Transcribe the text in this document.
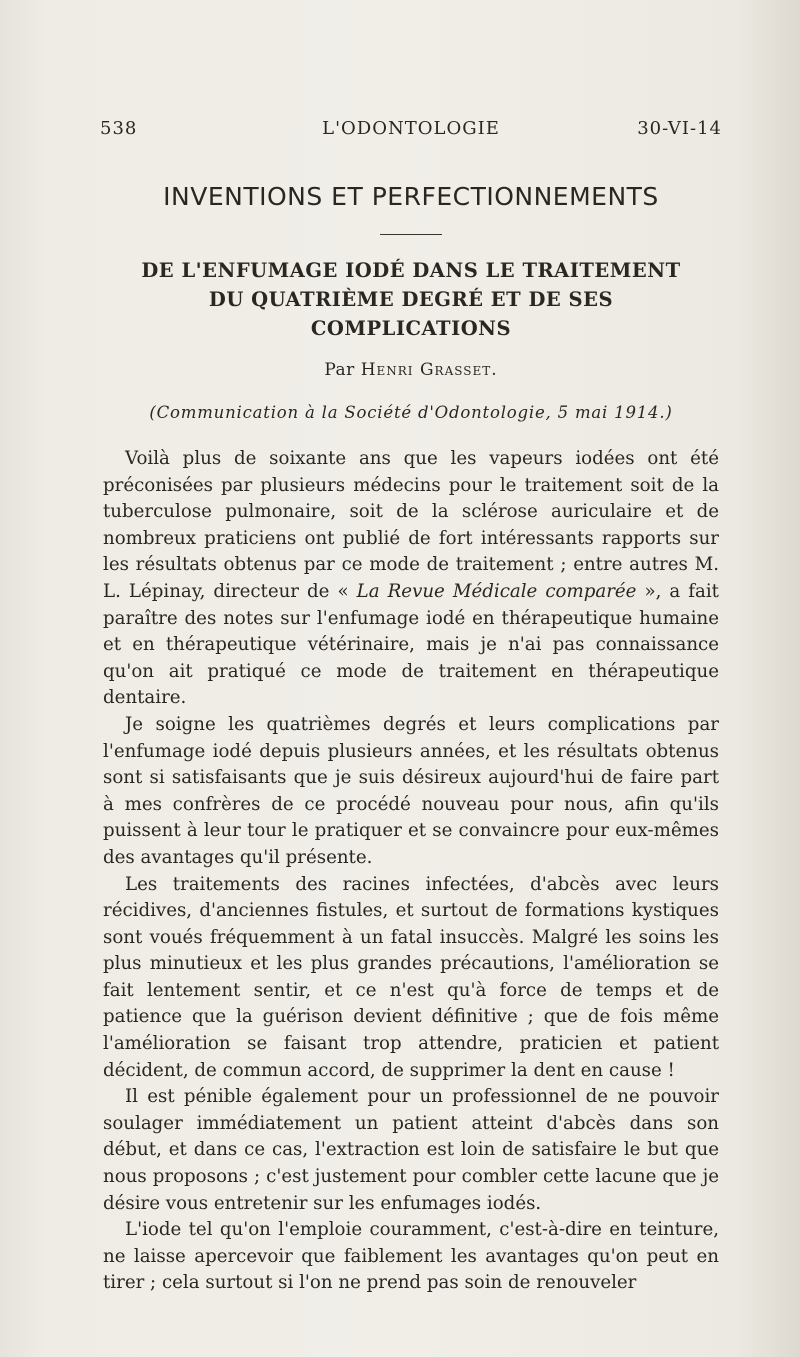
538	L'ODONTOLOGIE	30-VI-14
INVENTIONS ET PERFECTIONNEMENTS
DE L'ENFUMAGE IODÉ DANS LE TRAITEMENT
DU QUATRIÈME DEGRÉ ET DE SES
COMPLICATIONS
Par Henri Grasset.
(Communication à la Société d'Odontologie, 5 mai 1914.)

Voilà plus de soixante ans que les vapeurs iodées ont été préconisées par plusieurs médecins pour le traitement soit de la tuberculose pulmonaire, soit de la sclérose auriculaire et de nombreux praticiens ont publié de fort intéressants rapports sur les résultats obtenus par ce mode de traitement ; entre autres M. L. Lépinay, directeur de « La Revue Médicale comparée », a fait paraître des notes sur l'enfumage iodé en thérapeutique humaine et en thérapeutique vétérinaire, mais je n'ai pas connaissance qu'on ait pratiqué ce mode de traitement en thérapeutique dentaire.

Je soigne les quatrièmes degrés et leurs complications par l'enfumage iodé depuis plusieurs années, et les résultats obtenus sont si satisfaisants que je suis désireux aujourd'hui de faire part à mes confrères de ce procédé nouveau pour nous, afin qu'ils puissent à leur tour le pratiquer et se convaincre pour eux-mêmes des avantages qu'il présente.

Les traitements des racines infectées, d'abcès avec leurs récidives, d'anciennes fistules, et surtout de formations kystiques sont voués fréquemment à un fatal insuccès. Malgré les soins les plus minutieux et les plus grandes précautions, l'amélioration se fait lentement sentir, et ce n'est qu'à force de temps et de patience que la guérison devient définitive ; que de fois même l'amélioration se faisant trop attendre, praticien et patient décident, de commun accord, de supprimer la dent en cause !

Il est pénible également pour un professionnel de ne pouvoir soulager immédiatement un patient atteint d'abcès dans son début, et dans ce cas, l'extraction est loin de satisfaire le but que nous proposons ; c'est justement pour combler cette lacune que je désire vous entretenir sur les enfumages iodés.

L'iode tel qu'on l'emploie couramment, c'est-à-dire en teinture, ne laisse apercevoir que faiblement les avantages qu'on peut en tirer ; cela surtout si l'on ne prend pas soin de renouveler
